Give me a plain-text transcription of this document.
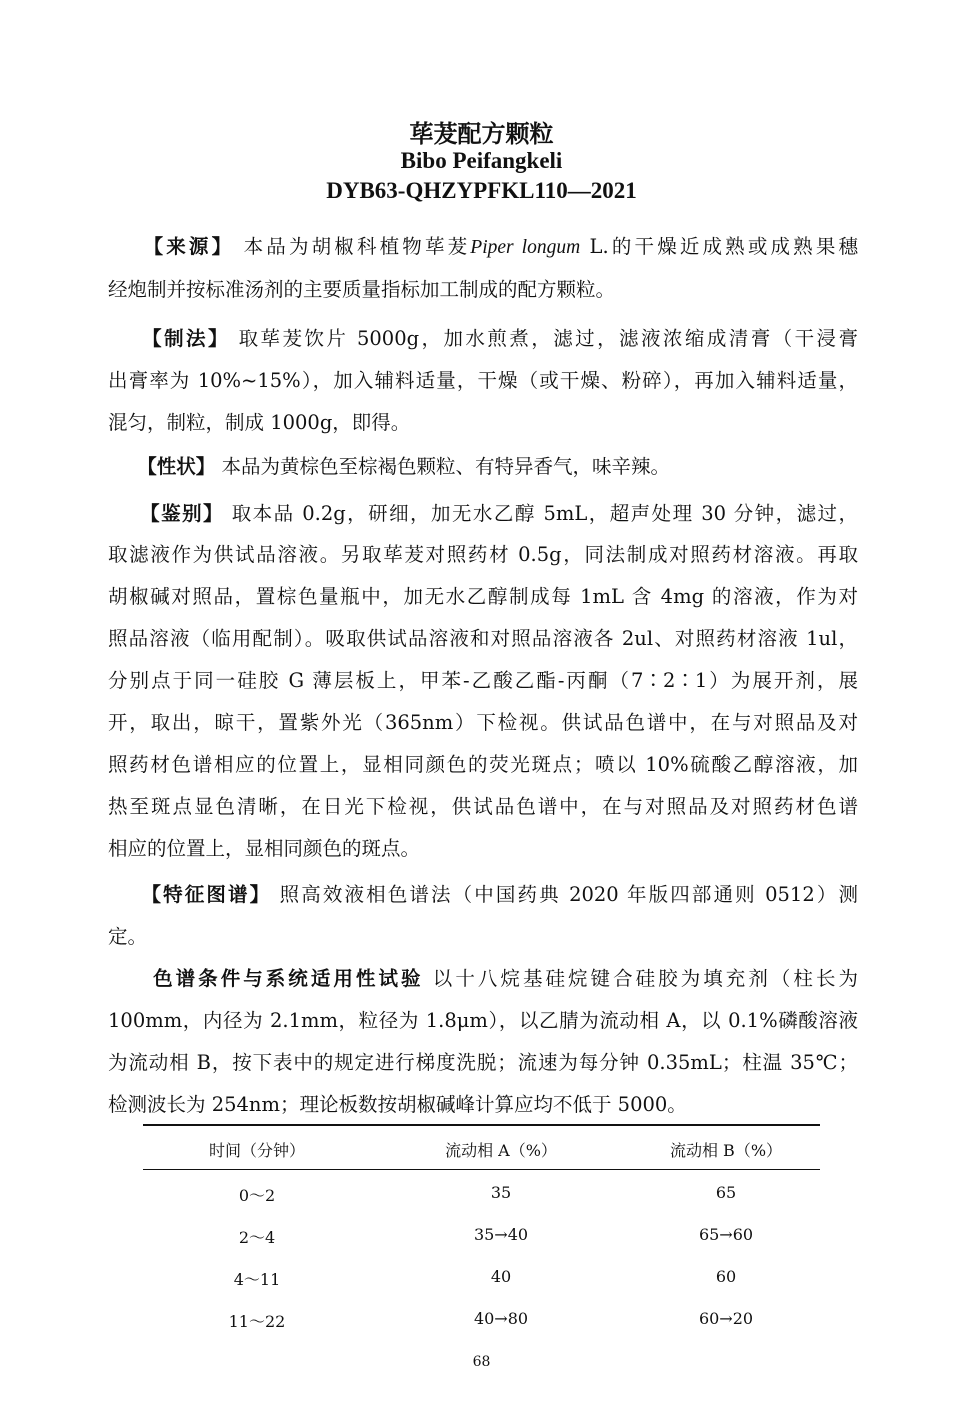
荜茇配方颗粒
Bibo Peifangkeli
DYB63-QHZYPFKL110—2021
　　【来源】 本品为胡椒科植物荜茇Piper longum L.的干燥近成熟或成熟果穗
经炮制并按标准汤剂的主要质量指标加工制成的配方颗粒。
　　【制法】 取荜茇饮片 5000g，加水煎煮，滤过，滤液浓缩成清膏（干浸膏
出膏率为 10%~15%），加入辅料适量，干燥（或干燥、粉碎），再加入辅料适量，
混匀，制粒，制成 1000g，即得。
　　【性状】 本品为黄棕色至棕褐色颗粒、有特异香气，味辛辣。
　　【鉴别】 取本品 0.2g，研细，加无水乙醇 5mL，超声处理 30 分钟，滤过，
取滤液作为供试品溶液。另取荜茇对照药材 0.5g，同法制成对照药材溶液。再取
胡椒碱对照品，置棕色量瓶中，加无水乙醇制成每 1mL 含 4mg 的溶液，作为对
照品溶液（临用配制）。吸取供试品溶液和对照品溶液各 2ul、对照药材溶液 1ul，
分别点于同一硅胶 G 薄层板上，甲苯-乙酸乙酯-丙酮（7∶2∶1）为展开剂，展
开，取出，晾干，置紫外光（365nm）下检视。供试品色谱中，在与对照品及对
照药材色谱相应的位置上，显相同颜色的荧光斑点；喷以 10%硫酸乙醇溶液，加
热至斑点显色清晰，在日光下检视，供试品色谱中，在与对照品及对照药材色谱
相应的位置上，显相同颜色的斑点。
　　【特征图谱】 照高效液相色谱法（中国药典 2020 年版四部通则 0512）测
定。
　　色谱条件与系统适用性试验 以十八烷基硅烷键合硅胶为填充剂（柱长为
100mm，内径为 2.1mm，粒径为 1.8μm），以乙腈为流动相 A，以 0.1%磷酸溶液
为流动相 B，按下表中的规定进行梯度洗脱；流速为每分钟 0.35mL；柱温 35℃；
检测波长为 254nm；理论板数按胡椒碱峰计算应均不低于 5000。
时间（分钟）	流动相 A（%）	流动相 B（%）
0～2	35	65
2～4	35→40	65→60
4～11	40	60
11～22	40→80	60→20
68
